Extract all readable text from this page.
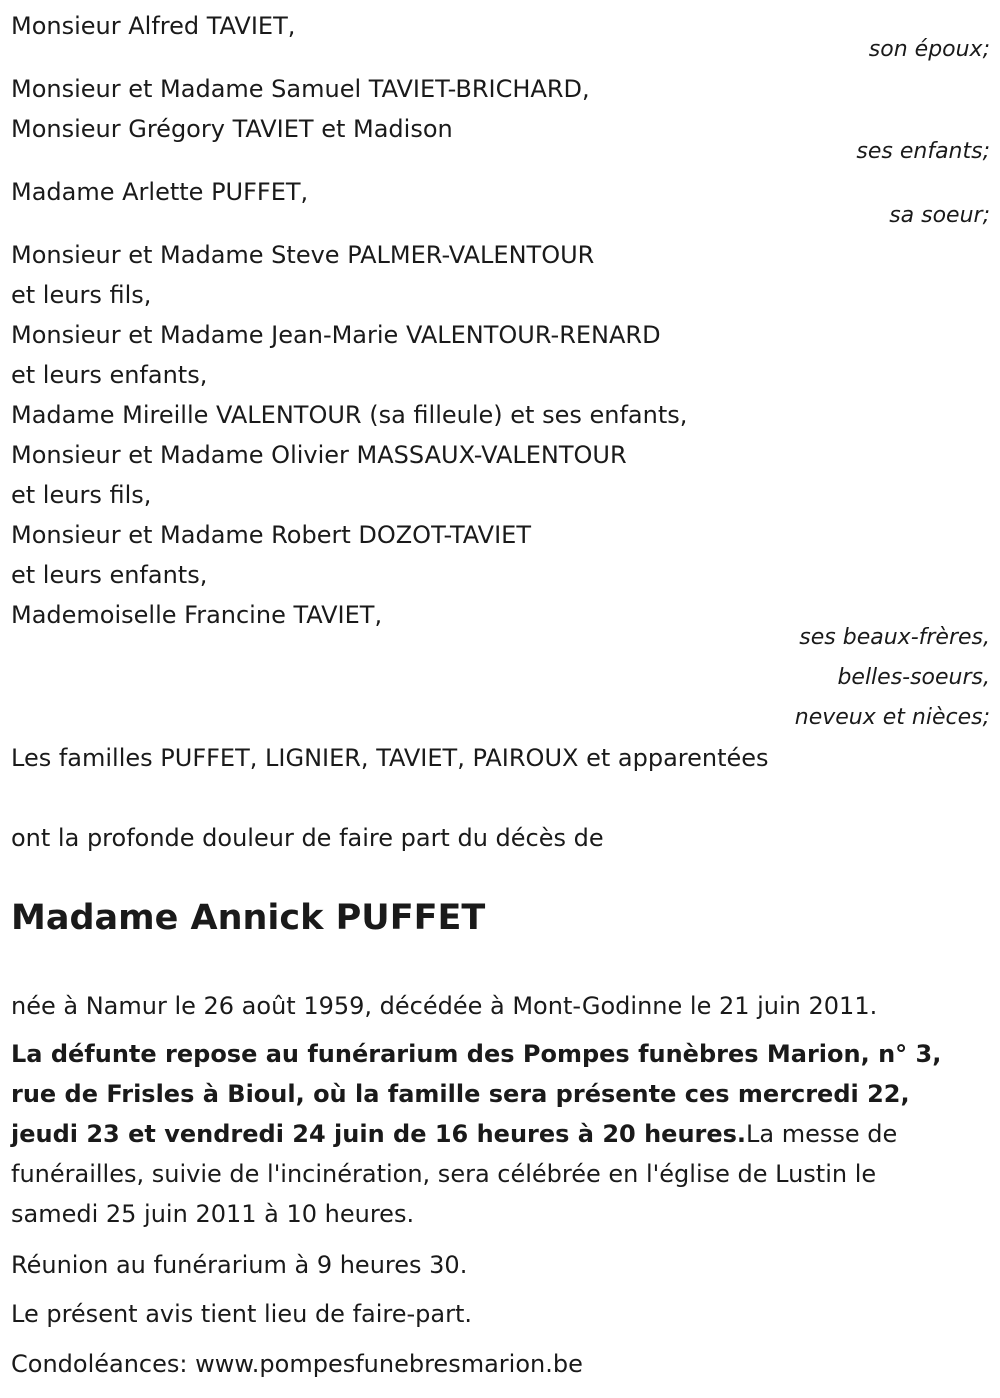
Monsieur Alfred TAVIET,
son époux;
Monsieur et Madame Samuel TAVIET-BRICHARD,
Monsieur Grégory TAVIET et Madison
ses enfants;
Madame Arlette PUFFET,
sa soeur;
Monsieur et Madame Steve PALMER-VALENTOUR
et leurs fils,
Monsieur et Madame Jean-Marie VALENTOUR-RENARD
et leurs enfants,
Madame Mireille VALENTOUR (sa filleule) et ses enfants,
Monsieur et Madame Olivier MASSAUX-VALENTOUR
et leurs fils,
Monsieur et Madame Robert DOZOT-TAVIET
et leurs enfants,
Mademoiselle Francine TAVIET,
ses beaux-frères,
belles-soeurs,
neveux et nièces;
Les familles PUFFET, LIGNIER, TAVIET, PAIROUX et apparentées
ont la profonde douleur de faire part du décès de
Madame Annick PUFFET
née à Namur le 26 août 1959, décédée à Mont-Godinne le 21 juin 2011.
La défunte repose au funérarium des Pompes funèbres Marion, n° 3, rue de Frisles à Bioul, où la famille sera présente ces mercredi 22, jeudi 23 et vendredi 24 juin de 16 heures à 20 heures.La messe de funérailles, suivie de l'incinération, sera célébrée en l'église de Lustin le samedi 25 juin 2011 à 10 heures.
Réunion au funérarium à 9 heures 30.
Le présent avis tient lieu de faire-part.
Condoléances: www.pompesfunebresmarion.be
